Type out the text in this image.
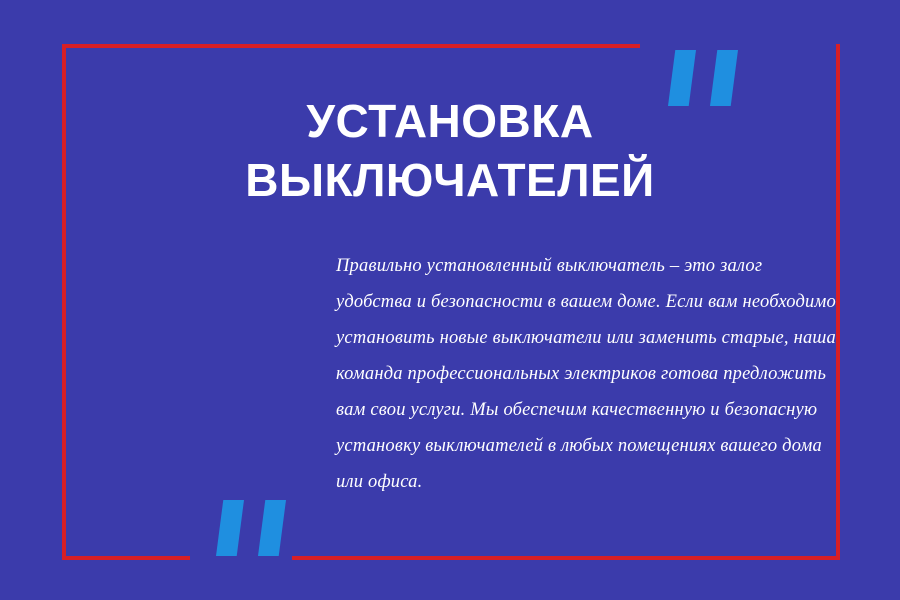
УСТАНОВКА
ВЫКЛЮЧАТЕЛЕЙ
Правильно установленный выключатель – это залог удобства и безопасности в вашем доме. Если вам необходимо установить новые выключатели или заменить старые, наша команда профессиональных электриков готова предложить вам свои услуги. Мы обеспечим качественную и безопасную установку выключателей в любых помещениях вашего дома или офиса.
